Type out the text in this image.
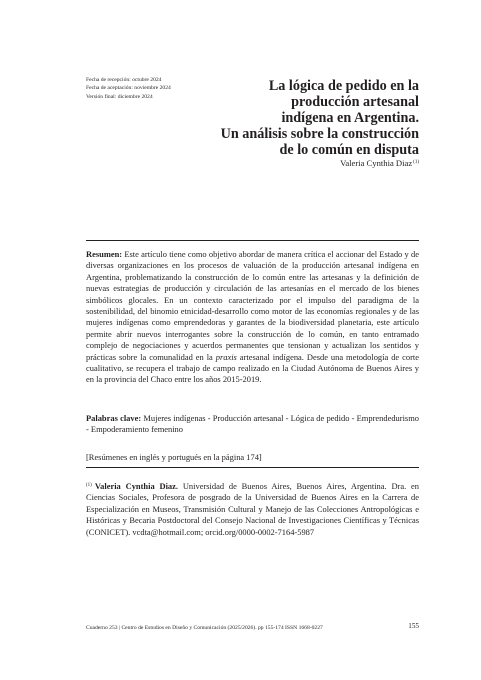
Fecha de recepción: octubre 2024
Fecha de aceptación: noviembre 2024
Versión final: diciembre 2024
La lógica de pedido en la
producción artesanal
indígena en Argentina.
Un análisis sobre la construcción
de lo común en disputa
Valeria Cynthia Diaz$^{(1)}$

Resumen: Este artículo tiene como objetivo abordar de manera crítica el accionar del Estado y de diversas organizaciones en los procesos de valuación de la producción artesanal indígena en Argentina, problematizando la construcción de lo común entre las artesanas y la definición de nuevas estrategias de producción y circulación de las artesanías en el mercado de los bienes simbólicos glocales. En un contexto caracterizado por el impulso del paradigma de la sostenibilidad, del binomio etnicidad-desarrollo como motor de las economías regionales y de las mujeres indígenas como emprendedoras y garantes de la biodiversidad planetaria, este artículo permite abrir nuevos interrogantes sobre la construcción de lo común, en tanto entramado complejo de negociaciones y acuerdos permanentes que tensionan y actualizan los sentidos y prácticas sobre la comunalidad en la praxis artesanal indígena. Desde una metodología de corte cualitativo, se recupera el trabajo de campo realizado en la Ciudad Autónoma de Buenos Aires y en la provincia del Chaco entre los años 2015-2019.

Palabras clave: Mujeres indígenas - Producción artesanal - Lógica de pedido - Emprendedurismo - Empoderamiento femenino

[Resúmenes en inglés y portugués en la página 174]

$^{(1)}$ Valeria Cynthia Diaz. Universidad de Buenos Aires, Buenos Aires, Argentina. Dra. en Ciencias Sociales, Profesora de posgrado de la Universidad de Buenos Aires en la Carrera de Especialización en Museos, Transmisión Cultural y Manejo de las Colecciones Antropológicas e Históricas y Becaria Postdoctoral del Consejo Nacional de Investigaciones Científicas y Técnicas (CONICET). vcdta@hotmail.com; orcid.org/0000-0002-7164-5987

Cuaderno 253 | Centro de Estudios en Diseño y Comunicación (2025/2026). pp 155-174 ISSN 1668-0227	155
